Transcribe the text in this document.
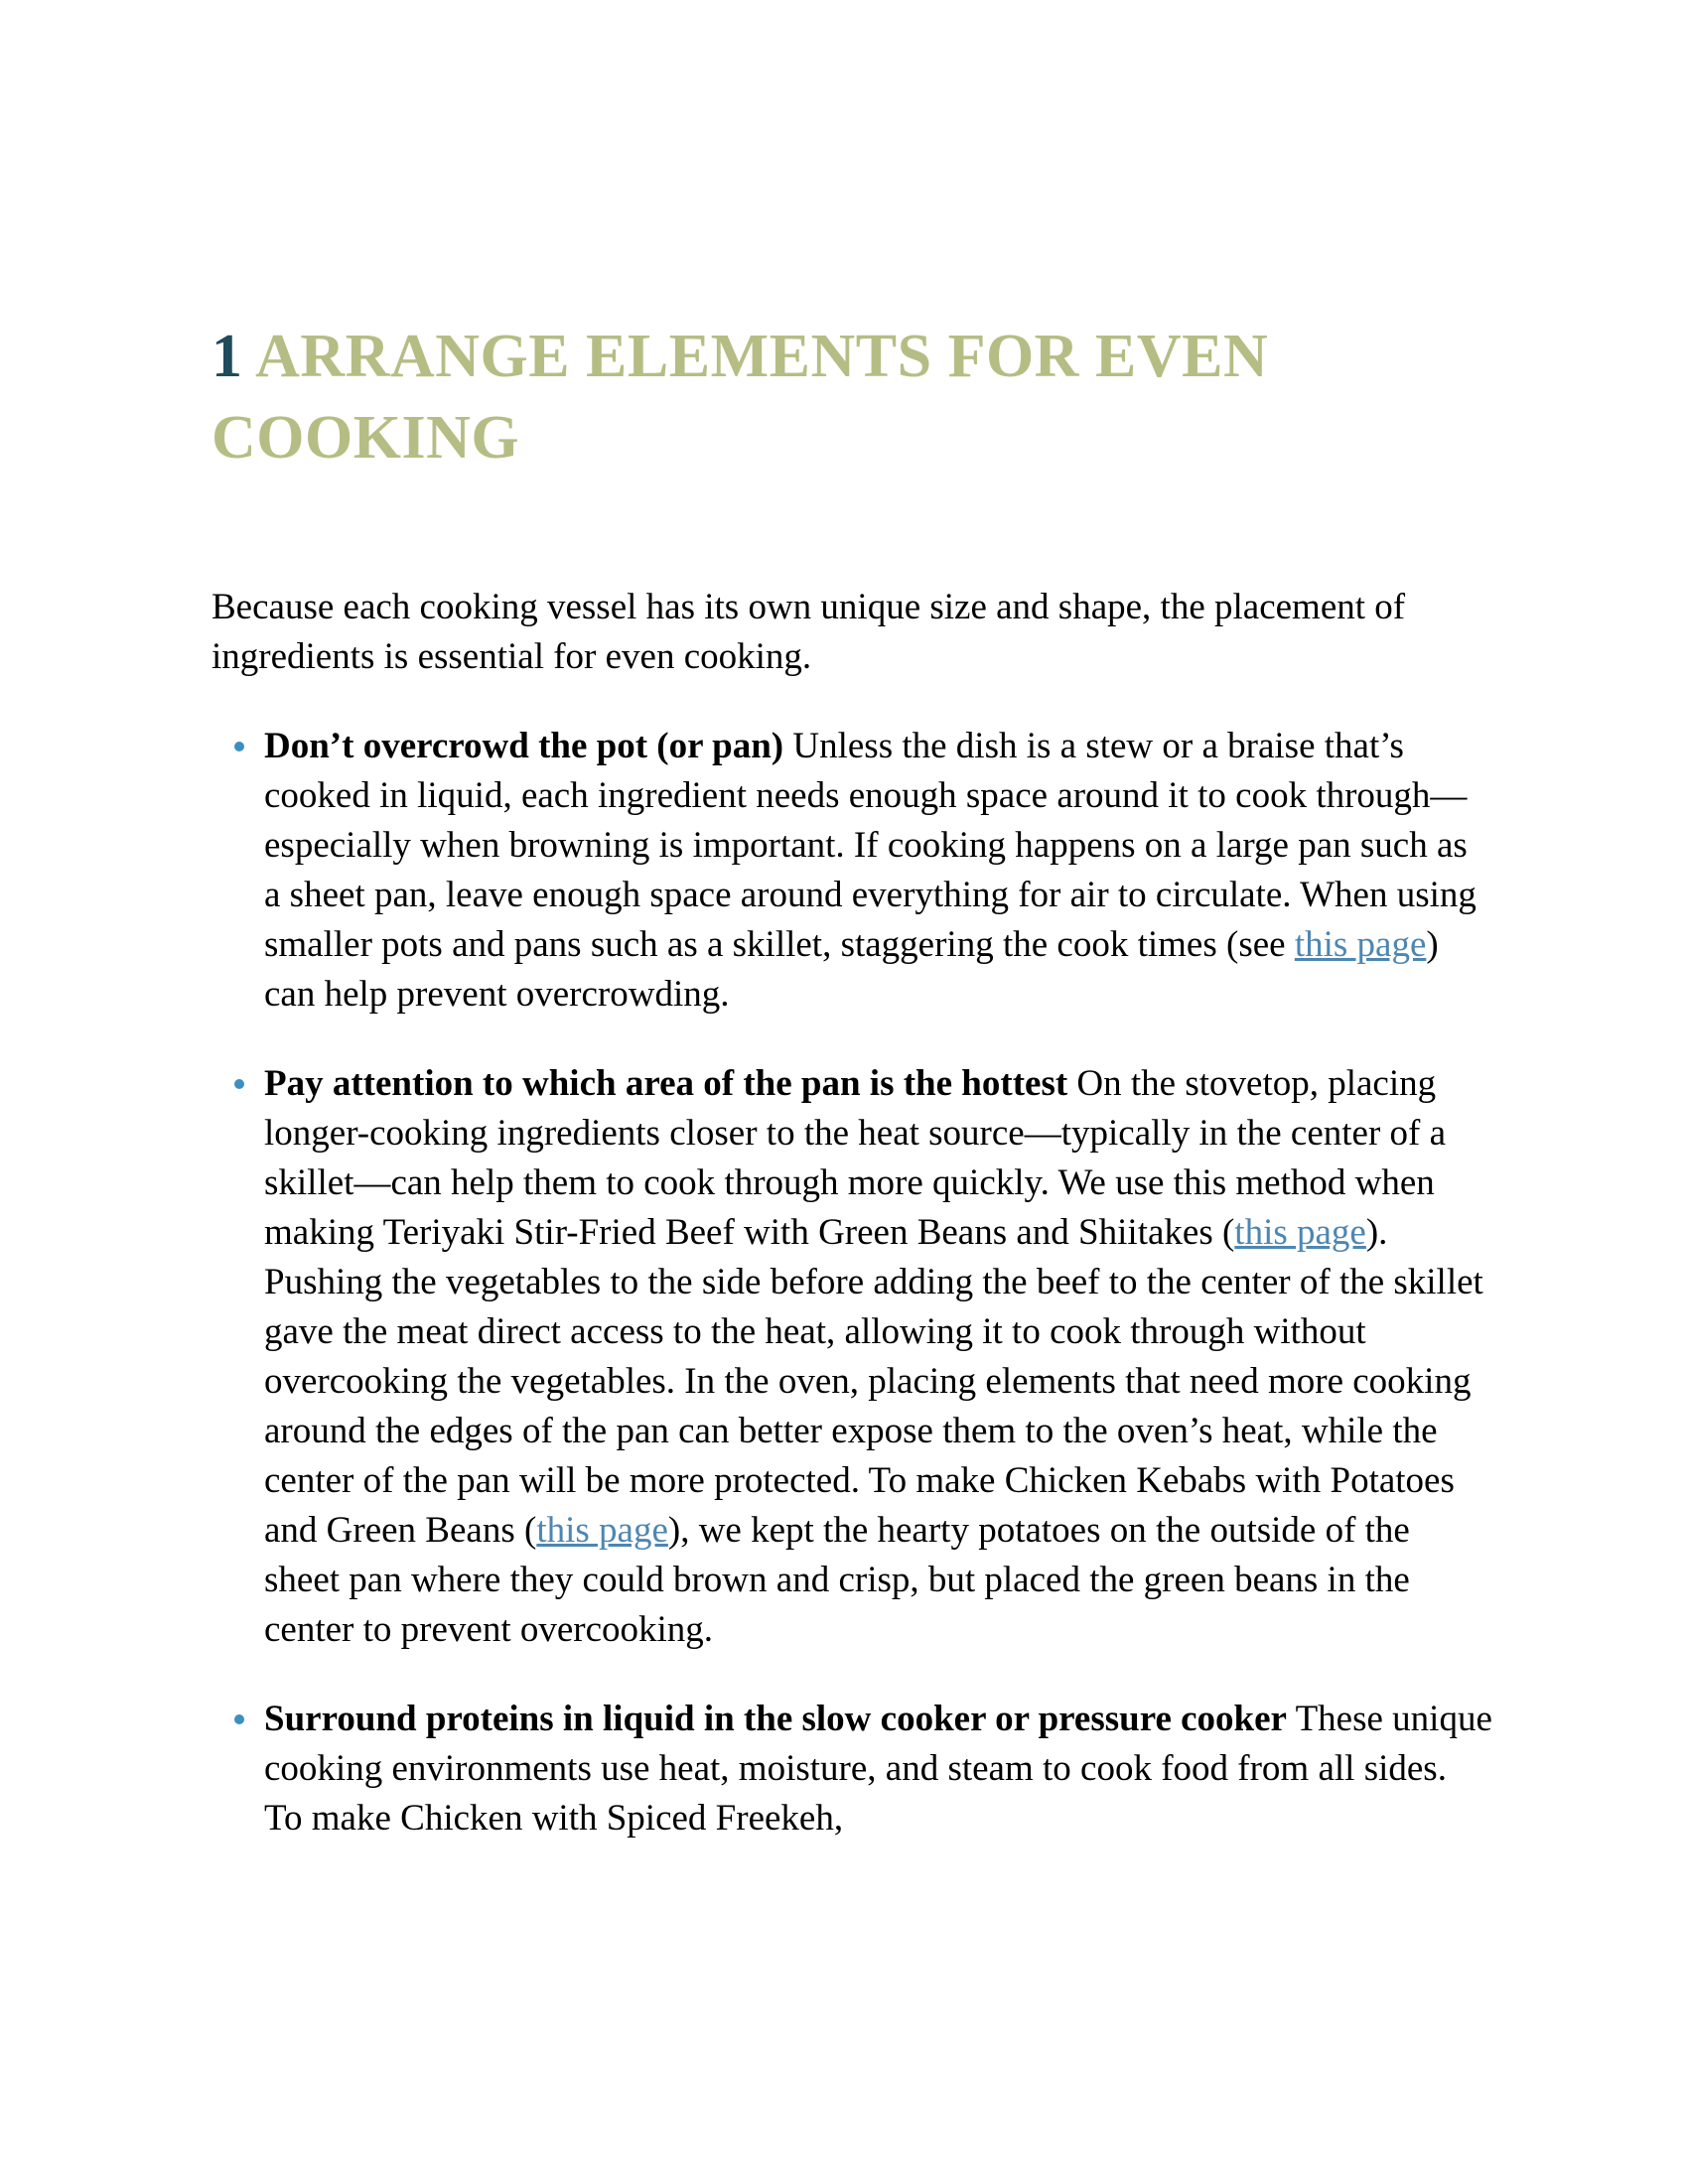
1 ARRANGE ELEMENTS FOR EVEN COOKING

Because each cooking vessel has its own unique size and shape, the placement of ingredients is essential for even cooking.

Don’t overcrowd the pot (or pan) Unless the dish is a stew or a braise that’s cooked in liquid, each ingredient needs enough space around it to cook through—especially when browning is important. If cooking happens on a large pan such as a sheet pan, leave enough space around everything for air to circulate. When using smaller pots and pans such as a skillet, staggering the cook times (see this page) can help prevent overcrowding.
Pay attention to which area of the pan is the hottest On the stovetop, placing longer-cooking ingredients closer to the heat source—typically in the center of a skillet—can help them to cook through more quickly. We use this method when making Teriyaki Stir-Fried Beef with Green Beans and Shiitakes (this page). Pushing the vegetables to the side before adding the beef to the center of the skillet gave the meat direct access to the heat, allowing it to cook through without overcooking the vegetables. In the oven, placing elements that need more cooking around the edges of the pan can better expose them to the oven’s heat, while the center of the pan will be more protected. To make Chicken Kebabs with Potatoes and Green Beans (this page), we kept the hearty potatoes on the outside of the sheet pan where they could brown and crisp, but placed the green beans in the center to prevent overcooking.
Surround proteins in liquid in the slow cooker or pressure cooker These unique cooking environments use heat, moisture, and steam to cook food from all sides. To make Chicken with Spiced Freekeh,
